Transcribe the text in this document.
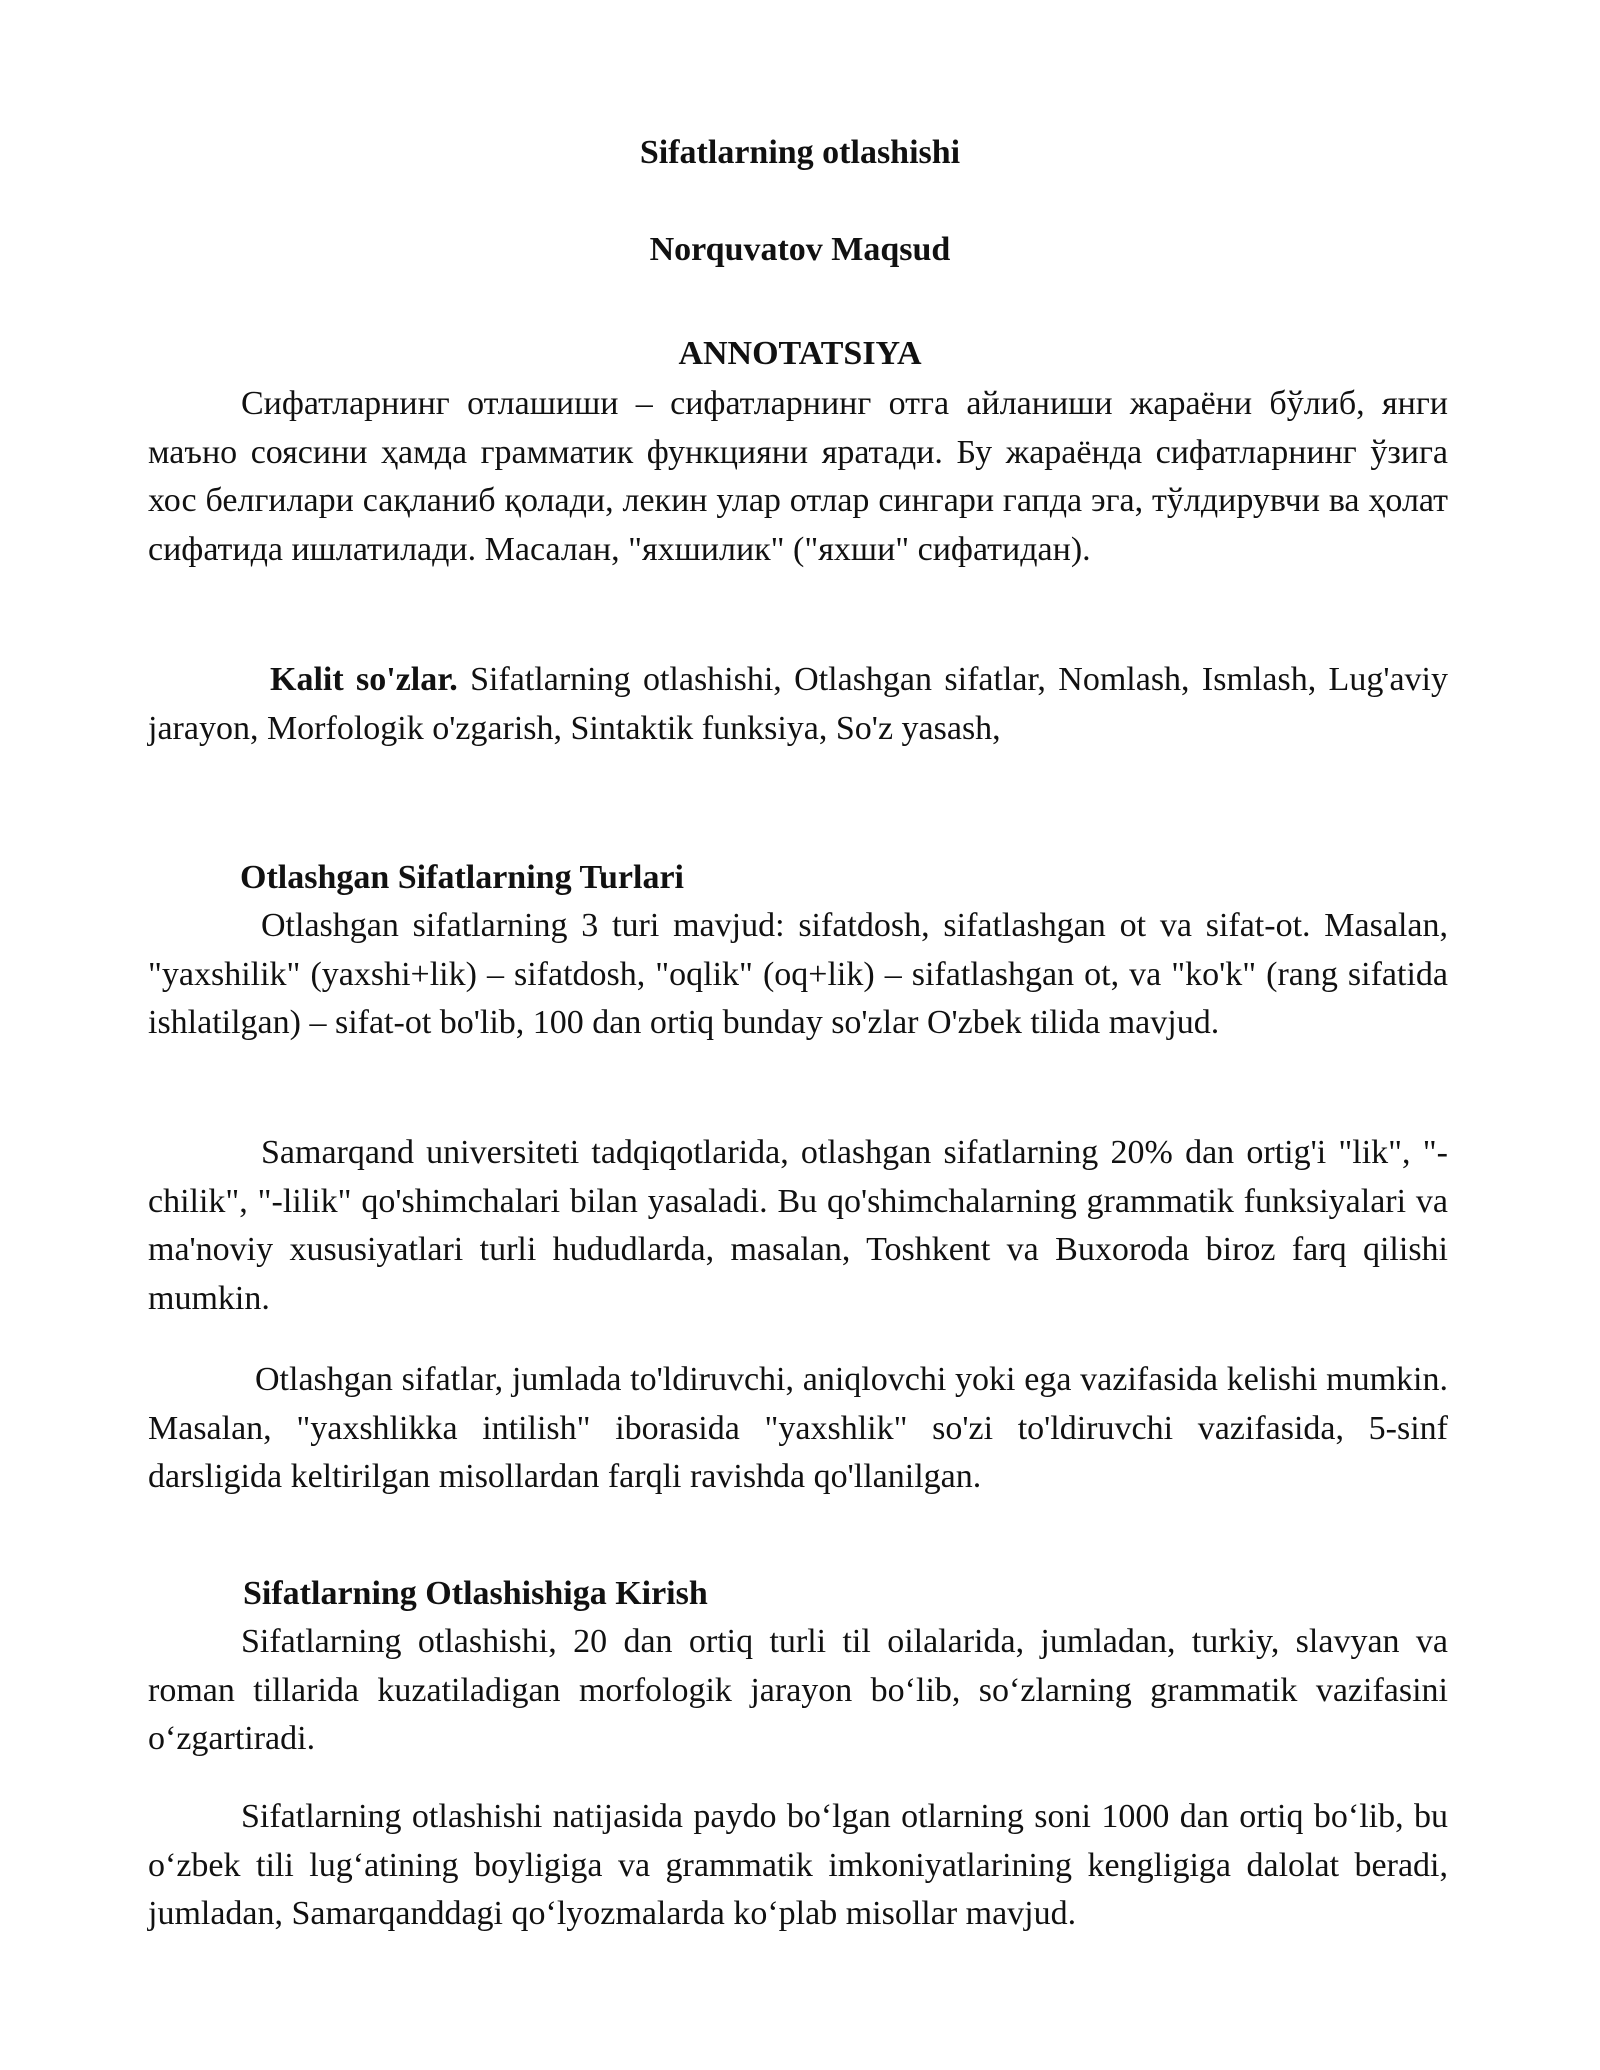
Sifatlarning otlashishi
Norquvatov Maqsud
ANNOTATSIYA

Сифатларнинг отлашиши – сифатларнинг отга айланиши жараёни бўлиб, янги маъно соясини ҳамда грамматик функцияни яратади. Бу жараёнда сифатларнинг ўзига хос белгилари сақланиб қолади, лекин улар отлар сингари гапда эга, тўлдирувчи ва ҳолат сифатида ишлатилади. Масалан, "яхшилик" ("яхши" сифатидан).

Kalit so'zlar. Sifatlarning otlashishi, Otlashgan sifatlar, Nomlash, Ismlash, Lug'aviy jarayon, Morfologik o'zgarish, Sintaktik funksiya, So'z yasash,

Otlashgan Sifatlarning Turlari

Otlashgan sifatlarning 3 turi mavjud: sifatdosh, sifatlashgan ot va sifat-ot. Masalan, "yaxshilik" (yaxshi+lik) – sifatdosh, "oqlik" (oq+lik) – sifatlashgan ot, va "ko'k" (rang sifatida ishlatilgan) – sifat-ot bo'lib, 100 dan ortiq bunday so'zlar O'zbek tilida mavjud.

Samarqand universiteti tadqiqotlarida, otlashgan sifatlarning 20% dan ortig'i "lik", "-chilik", "-lilik" qo'shimchalari bilan yasaladi. Bu qo'shimchalarning grammatik funksiyalari va ma'noviy xususiyatlari turli hududlarda, masalan, Toshkent va Buxoroda biroz farq qilishi mumkin.

Otlashgan sifatlar, jumlada to'ldiruvchi, aniqlovchi yoki ega vazifasida kelishi mumkin. Masalan, "yaxshlikka intilish" iborasida "yaxshlik" so'zi to'ldiruvchi vazifasida, 5-sinf darsligida keltirilgan misollardan farqli ravishda qo'llanilgan.

Sifatlarning Otlashishiga Kirish

Sifatlarning otlashishi, 20 dan ortiq turli til oilalarida, jumladan, turkiy, slavyan va roman tillarida kuzatiladigan morfologik jarayon bo‘lib, so‘zlarning grammatik vazifasini o‘zgartiradi.

Sifatlarning otlashishi natijasida paydo bo‘lgan otlarning soni 1000 dan ortiq bo‘lib, bu o‘zbek tili lug‘atining boyligiga va grammatik imkoniyatlarining kengligiga dalolat beradi, jumladan, Samarqanddagi qo‘lyozmalarda ko‘plab misollar mavjud.
